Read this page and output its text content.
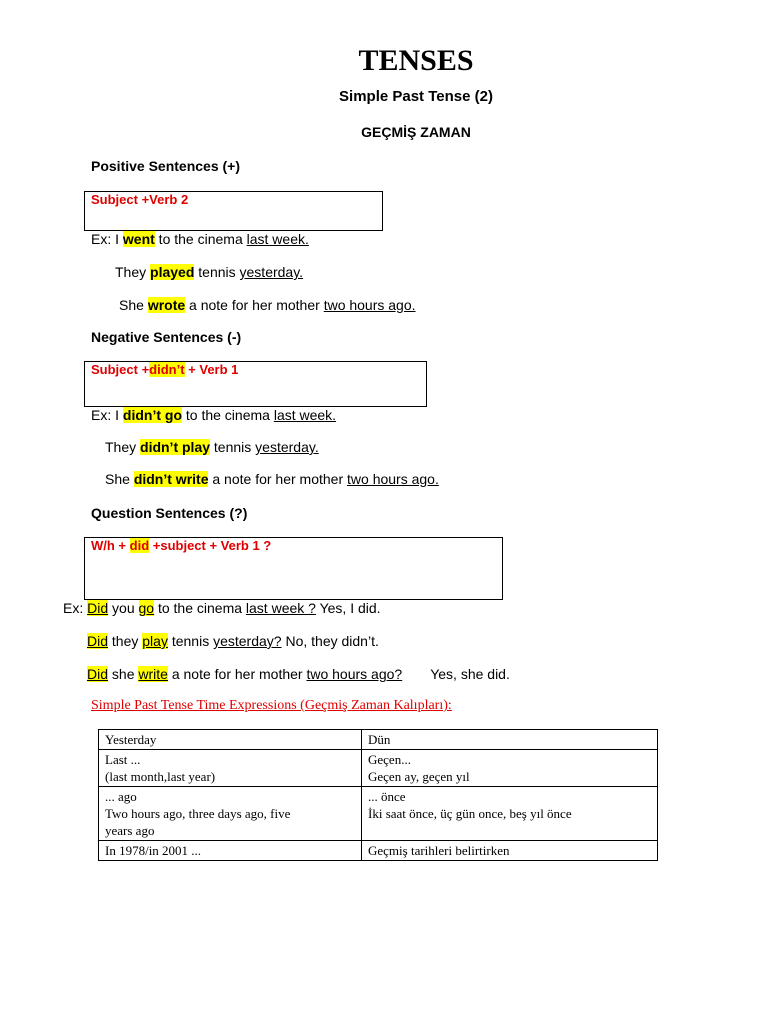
TENSES
Simple Past Tense (2)
GEÇMİŞ ZAMAN
Positive Sentences (+)
Subject +Verb 2
Ex: I went to the cinema last week.
They played tennis yesterday.
She wrote a note for her mother two hours ago.
Negative Sentences (-)
Subject +didn’t + Verb 1
Ex: I didn’t go to the cinema last week.
They didn’t play tennis yesterday.
She didn’t write a note for her mother two hours ago.
Question Sentences (?)
W/h + did +subject + Verb 1 ?
Ex: Did you go to the cinema last week ? Yes, I did.
Did they play tennis yesterday? No, they didn’t.
Did she write a note for her mother two hours ago? Yes, she did.
Simple Past Tense Time Expressions (Geçmiş Zaman Kalıpları):
Yesterday	Dün

Last ...
(last month,last year)	Geçen...
Geçen ay, geçen yıl

... ago
Two hours ago, three days ago, five
years ago	... önce
İki saat önce, üç gün once, beş yıl önce

In 1978/in 2001 ...	Geçmiş tarihleri belirtirken
